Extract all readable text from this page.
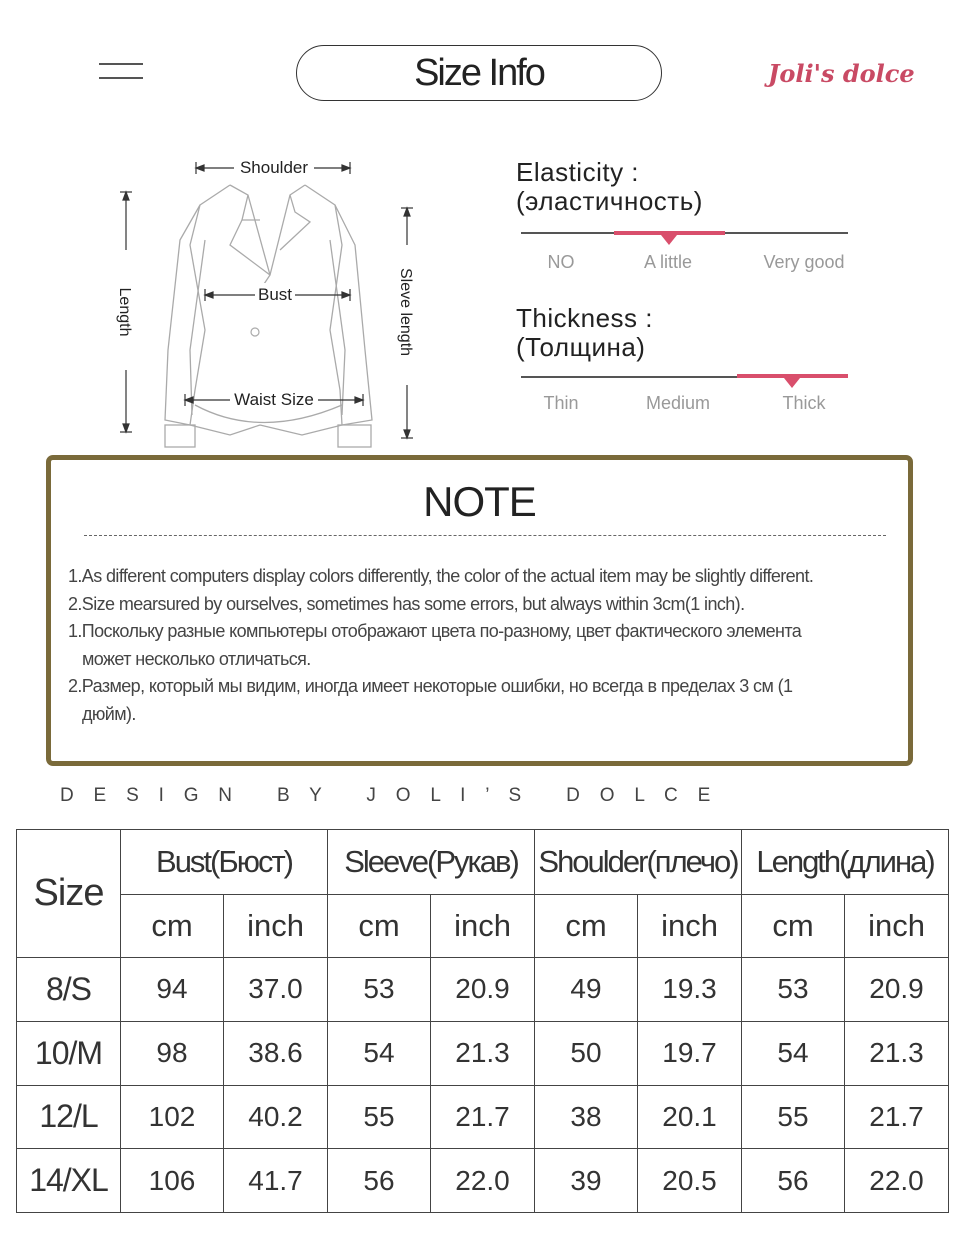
Size Info	Joli's dolce
Shoulder
Bust
Waist Size
Length	Sleve length
Elasticity :
(эластичность)
NO	A little	Very good
Thickness :
(Толщина)
Thin	Medium	Thick
NOTE
1.As different computers display colors differently, the color of the actual item may be slightly different.
2.Size mearsured by ourselves, sometimes has some errors, but always within 3cm(1 inch).
1.Поскольку разные компьютеры отображают цвета по-разному, цвет фактического элемента
может несколько отличаться.
2.Размер, который мы видим, иногда имеет некоторые ошибки, но всегда в пределах 3 см (1
дюйм).
D   E   S   I   G   N       B   Y       J   O   L   I   ’   S       D   O   L   C   E
Size	Bust(Бюст)		Sleeve(Рукав)		Shoulder(плечо)		Length(длина)	
	cm	inch	cm	inch	cm	inch	cm	inch
8/S	94	37.0	53	20.9	49	19.3	53	20.9
10/M	98	38.6	54	21.3	50	19.7	54	21.3
12/L	102	40.2	55	21.7	38	20.1	55	21.7
14/XL	106	41.7	56	22.0	39	20.5	56	22.0
